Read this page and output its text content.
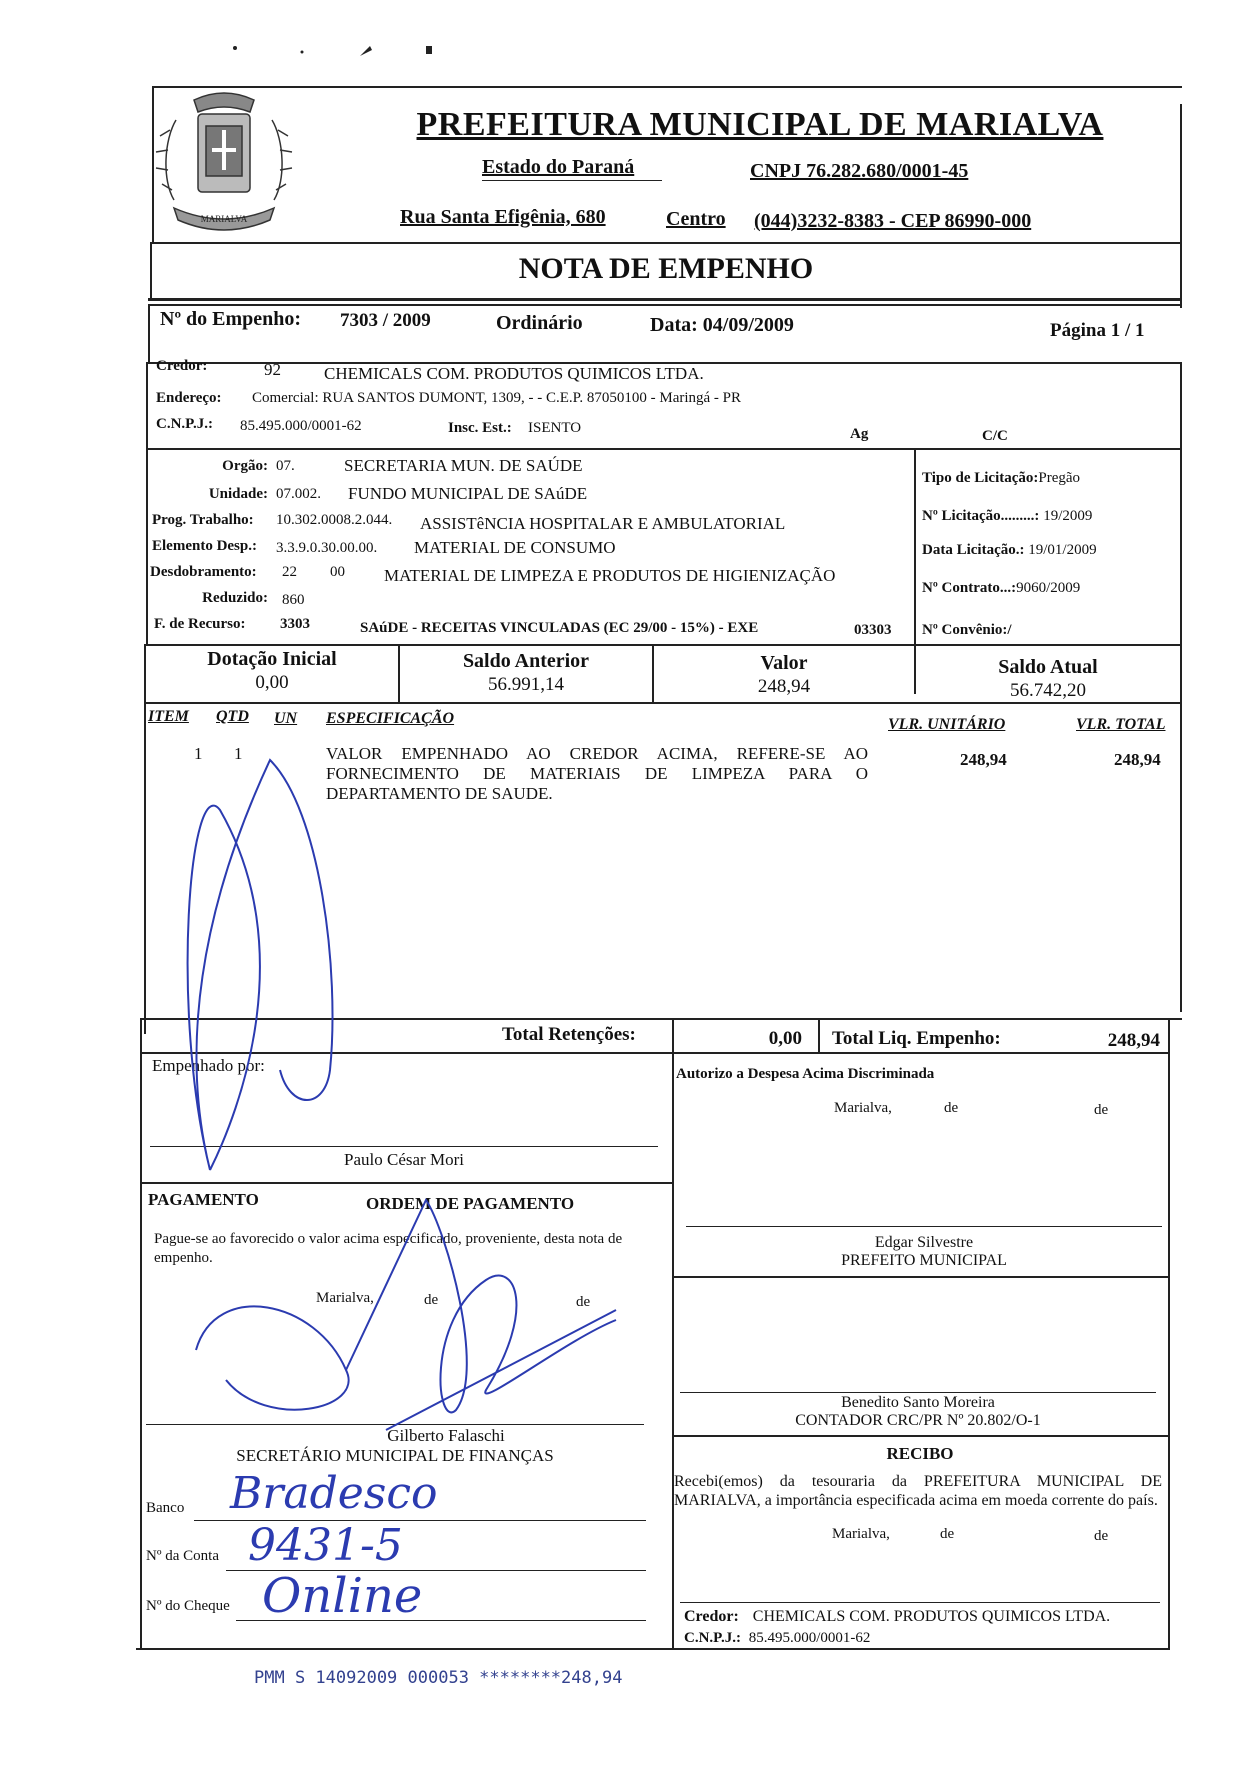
MARIALVA
PREFEITURA MUNICIPAL DE MARIALVA
Estado do Paraná	CNPJ 76.282.680/0001-45
Rua Santa Efigênia, 680	Centro (044)3232-8383 - CEP 86990-000
NOTA DE EMPENHO
Nº do Empenho: 7303 / 2009	Ordinário	Data: 04/09/2009	Página 1 / 1
Credor:	92	CHEMICALS COM. PRODUTOS QUIMICOS LTDA.
Endereço: Comercial: RUA SANTOS DUMONT, 1309, - - C.E.P. 87050100 - Maringá - PR
C.N.P.J.: 85.495.000/0001-62	Insc. Est.: ISENTO	Ag	C/C
Orgão: 07.	SECRETARIA MUN. DE SAÚDE
Unidade: 07.002. FUNDO MUNICIPAL DE SAúDE
Prog. Trabalho: 10.302.0008.2.044. ASSISTêNCIA HOSPITALAR E AMBULATORIAL
Elemento Desp.: 3.3.9.0.30.00.00. MATERIAL DE CONSUMO
Desdobramento: 22 00 MATERIAL DE LIMPEZA E PRODUTOS DE HIGIENIZAÇÃO
Reduzido: 860
F. de Recurso: 3303	SAúDE - RECEITAS VINCULADAS (EC 29/00 - 15%) - EXE	03303
Tipo de Licitação:Pregão
Nº Licitação.........: 19/2009
Data Licitação.: 19/01/2009
Nº Contrato...:9060/2009
Nº Convênio:/
Dotação Inicial
0,00
Saldo Anterior
56.991,14
Valor
248,94
Saldo Atual
56.742,20
ITEM QTD UN ESPECIFICAÇÃO	VLR. UNITÁRIO	VLR. TOTAL
1 1	VALOR EMPENHADO AO CREDOR ACIMA, REFERE-SE AO
FORNECIMENTO DE MATERIAIS DE LIMPEZA PARA O
DEPARTAMENTO DE SAUDE.
248,94	248,94
Total Retenções:	0,00 Total Liq. Empenho:	248,94
Empenhado por:
Paulo César Mori
PAGAMENTO	ORDEM DE PAGAMENTO
Pague-se ao favorecido o valor acima especificado, proveniente, desta nota de empenho.
Marialva,	de	de
Gilberto Falaschi
SECRETÁRIO MUNICIPAL DE FINANÇAS
Banco Bradesco
Nº da Conta 9431-5
Nº do Cheque Online
Autorizo a Despesa Acima Discriminada
Marialva,	de	de
Edgar Silvestre
PREFEITO MUNICIPAL
Benedito Santo Moreira
CONTADOR CRC/PR Nº 20.802/O-1
RECIBO
Recebi(emos) da tesouraria da PREFEITURA MUNICIPAL DE MARIALVA, a importância especificada acima em moeda corrente do país.
Marialva,	de	de
Credor: CHEMICALS COM. PRODUTOS QUIMICOS LTDA.
C.N.P.J.: 85.495.000/0001-62
PMM S 14092009 000053 ********248,94
